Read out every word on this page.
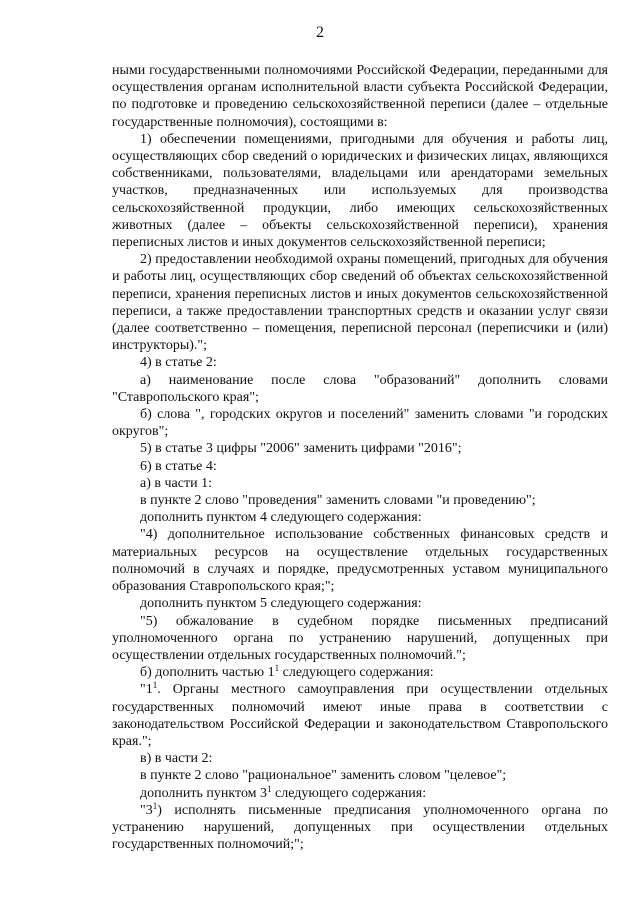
2

ными государственными полномочиями Российской Федерации, переданными для осуществления органам исполнительной власти субъекта Российской Федерации, по подготовке и проведению сельскохозяйственной переписи (далее – отдельные государственные полномочия), состоящими в:

1) обеспечении помещениями, пригодными для обучения и работы лиц, осуществляющих сбор сведений о юридических и физических лицах, являющихся собственниками, пользователями, владельцами или арендаторами земельных участков, предназначенных или используемых для производства сельскохозяйственной продукции, либо имеющих сельскохозяйственных животных (далее – объекты сельскохозяйственной переписи), хранения переписных листов и иных документов сельскохозяйственной переписи;

2) предоставлении необходимой охраны помещений, пригодных для обучения и работы лиц, осуществляющих сбор сведений об объектах сельскохозяйственной переписи, хранения переписных листов и иных документов сельскохозяйственной переписи, а также предоставлении транспортных средств и оказании услуг связи (далее соответственно – помещения, переписной персонал (переписчики и (или) инструкторы).";

4) в статье 2:

а) наименование после слова "образований" дополнить словами "Ставропольского края";

б) слова ", городских округов и поселений" заменить словами "и городских округов";

5) в статье 3 цифры "2006" заменить цифрами "2016";

6) в статье 4:

а) в части 1:

в пункте 2 слово "проведения" заменить словами "и проведению";

дополнить пунктом 4 следующего содержания:

"4) дополнительное использование собственных финансовых средств и материальных ресурсов на осуществление отдельных государственных полномочий в случаях и порядке, предусмотренных уставом муниципального образования Ставропольского края;";

дополнить пунктом 5 следующего содержания:

"5) обжалование в судебном порядке письменных предписаний уполномоченного органа по устранению нарушений, допущенных при осуществлении отдельных государственных полномочий.";

б) дополнить частью $1^1$ следующего содержания:

"$1^1$. Органы местного самоуправления при осуществлении отдельных государственных полномочий имеют иные права в соответствии с законодательством Российской Федерации и законодательством Ставропольского края.";

в) в части 2:

в пункте 2 слово "рациональное" заменить словом "целевое";

дополнить пунктом $3^1$ следующего содержания:

"$3^1$) исполнять письменные предписания уполномоченного органа по устранению нарушений, допущенных при осуществлении отдельных государственных полномочий;";
